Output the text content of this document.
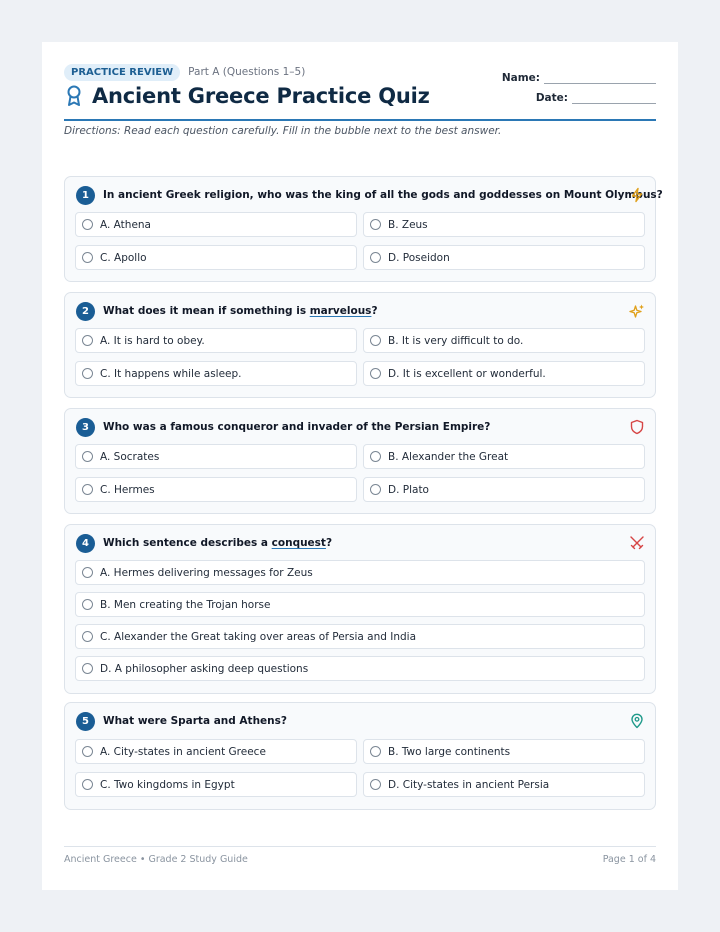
PRACTICE REVIEW	Part A (Questions 1–5)
Ancient Greece Practice Quiz
Name:
Date:
Directions: Read each question carefully. Fill in the bubble next to the best answer.
1	In ancient Greek religion, who was the king of all the gods and goddesses on Mount Olympus?
A. Athena	B. Zeus
C. Apollo	D. Poseidon
2	What does it mean if something is marvelous?
A. It is hard to obey.	B. It is very difficult to do.
C. It happens while asleep.	D. It is excellent or wonderful.
3	Who was a famous conqueror and invader of the Persian Empire?
A. Socrates	B. Alexander the Great
C. Hermes	D. Plato
4	Which sentence describes a conquest?
A. Hermes delivering messages for Zeus
B. Men creating the Trojan horse
C. Alexander the Great taking over areas of Persia and India
D. A philosopher asking deep questions
5	What were Sparta and Athens?
A. City-states in ancient Greece	B. Two large continents
C. Two kingdoms in Egypt	D. City-states in ancient Persia
Ancient Greece • Grade 2 Study Guide	Page 1 of 4
